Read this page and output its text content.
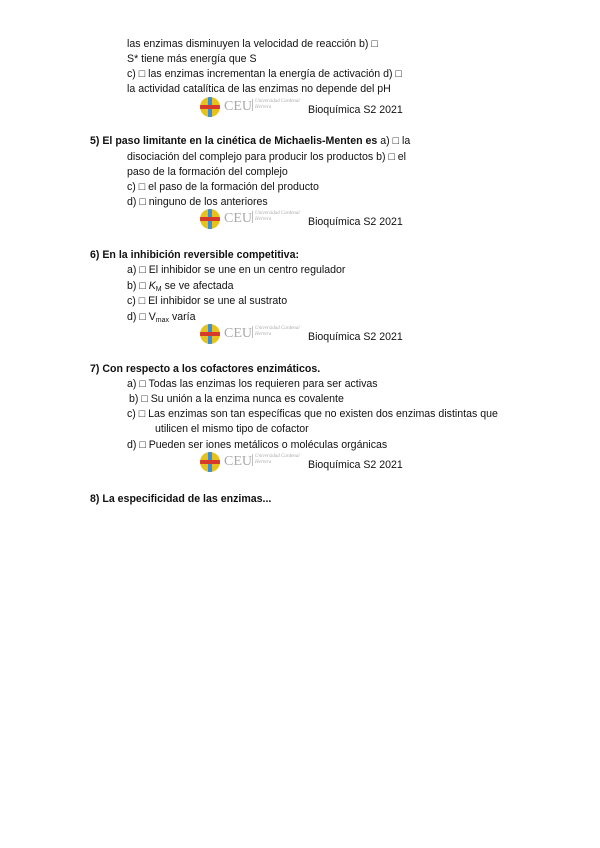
las enzimas disminuyen la velocidad de reacción b) □
S* tiene más energía que S
c) □ las enzimas incrementan la energía de activación d) □
la actividad catalítica de las enzimas no depende del pH
CEU Universidad Cardenal Herrera	Bioquímica S2 2021
5) El paso limitante en la cinética de Michaelis-Menten es a) □ la
disociación del complejo para producir los productos b) □ el
paso de la formación del complejo
c) □ el paso de la formación del producto
d) □ ninguno de los anteriores
CEU Universidad Cardenal Herrera	Bioquímica S2 2021
6) En la inhibición reversible competitiva:
a) □ El inhibidor se une en un centro regulador
b) □ $K_M$ se ve afectada
c) □ El inhibidor se une al sustrato
d) □ $V_{max}$ varía
CEU Universidad Cardenal Herrera	Bioquímica S2 2021
7) Con respecto a los cofactores enzimáticos.
a) □ Todas las enzimas los requieren para ser activas
b) □ Su unión a la enzima nunca es covalente
c) □ Las enzimas son tan específicas que no existen dos enzimas distintas que
utilicen el mismo tipo de cofactor
d) □ Pueden ser iones metálicos o moléculas orgánicas
CEU Universidad Cardenal Herrera	Bioquímica S2 2021
8) La especificidad de las enzimas...
